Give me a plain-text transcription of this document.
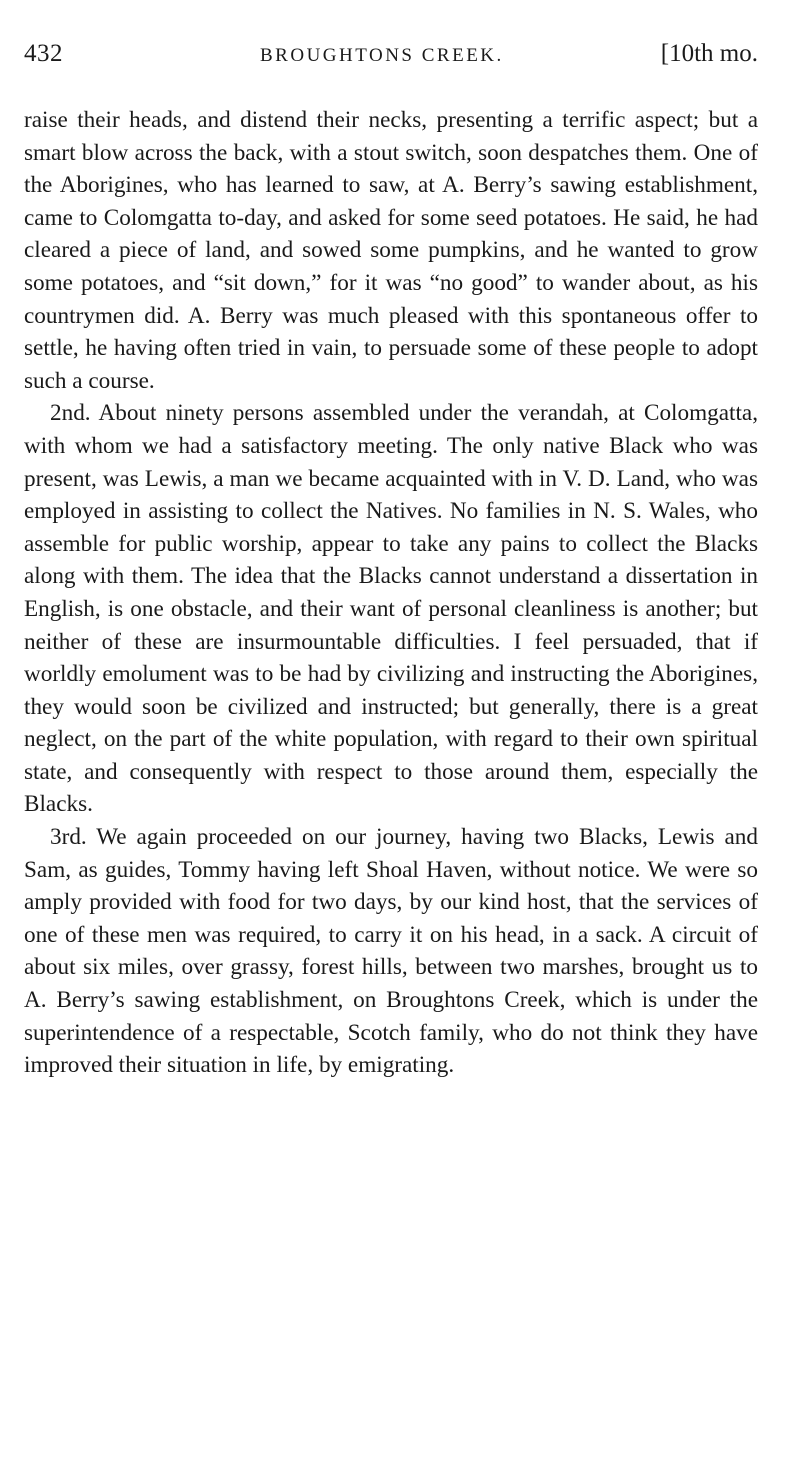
432	BROUGHTONS CREEK.	[10th mo.

raise their heads, and distend their necks, presenting a terrific aspect; but a smart blow across the back, with a stout switch, soon despatches them. One of the Aborigines, who has learned to saw, at A. Berry’s sawing establishment, came to Colomgatta to-day, and asked for some seed potatoes. He said, he had cleared a piece of land, and sowed some pumpkins, and he wanted to grow some potatoes, and “sit down,” for it was “no good” to wander about, as his countrymen did. A. Berry was much pleased with this spontaneous offer to settle, he having often tried in vain, to persuade some of these people to adopt such a course.

2nd. About ninety persons assembled under the verandah, at Colomgatta, with whom we had a satisfactory meeting. The only native Black who was present, was Lewis, a man we became acquainted with in V. D. Land, who was employed in assisting to collect the Natives. No families in N. S. Wales, who assemble for public worship, appear to take any pains to collect the Blacks along with them. The idea that the Blacks cannot understand a dissertation in English, is one obstacle, and their want of personal cleanliness is another; but neither of these are insurmountable difficulties. I feel persuaded, that if worldly emolument was to be had by civilizing and instructing the Aborigines, they would soon be civilized and instructed; but generally, there is a great neglect, on the part of the white population, with regard to their own spiritual state, and consequently with respect to those around them, especially the Blacks.

3rd. We again proceeded on our journey, having two Blacks, Lewis and Sam, as guides, Tommy having left Shoal Haven, without notice. We were so amply provided with food for two days, by our kind host, that the services of one of these men was required, to carry it on his head, in a sack. A circuit of about six miles, over grassy, forest hills, between two marshes, brought us to A. Berry’s sawing establishment, on Broughtons Creek, which is under the superintendence of a respectable, Scotch family, who do not think they have improved their situation in life, by emigrating.
